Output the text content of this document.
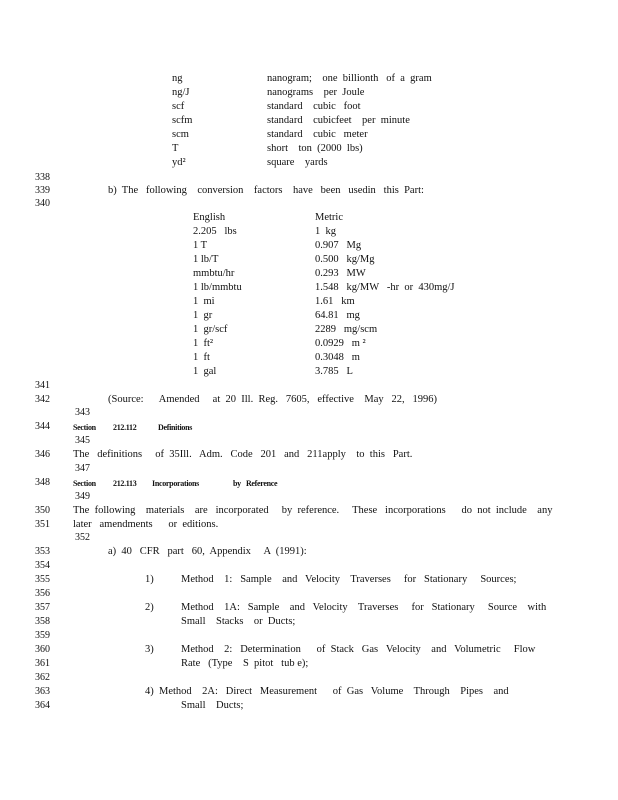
ng	nanogram;    one  billionth   of  a  gram
ng/J	nanograms    per  Joule
scf	standard    cubic   foot
scfm	standard    cubicfeet    per  minute
scm	standard    cubic   meter
T	short    ton  (2000  lbs)
yd²	square    yards
338
339
340
341
342
343
344
345
346
347
348
349
350
351
352
353
354
355
356
357
358
359
360
361
362
363
364
b)  The   following    conversion    factors    have   been   usedin   this  Part:
English	Metric
2.205   lbs	1  kg
1 T	0.907   Mg
1 lb/T	0.500   kg/Mg
mmbtu/hr	0.293   MW
1 lb/mmbtu	1.548   kg/MW   -hr  or  430mg/J
1  mi	1.61   km
1  gr	64.81   mg
1  gr/scf	2289   mg/scm
1  ft²	0.0929   m ²
1  ft	0.3048   m
1  gal	3.785   L
(Source:      Amended     at  20  Ill.  Reg.   7605,   effective    May   22,   1996)
Section 212.112	Definitions
The   definitions     of  35Ill.   Adm.   Code   201   and   211apply    to  this   Part.
Section 212.113 Incorporations	by   Reference
The  following    materials    are   incorporated     by  reference.     These   incorporations      do  not  include    any
later   amendments      or  editions.
a)  40   CFR   part   60,  Appendix     A  (1991):
1)	Method    1:   Sample    and   Velocity    Traverses     for   Stationary     Sources;
2)	Method    1A:   Sample    and   Velocity    Traverses     for   Stationary     Source    with
Small    Stacks    or  Ducts;
3)	Method    2:   Determination      of  Stack   Gas   Velocity    and   Volumetric     Flow
Rate   (Type    S  pitot   tub e);
4) Method    2A:   Direct   Measurement      of  Gas   Volume    Through    Pipes    and
Small    Ducts;
